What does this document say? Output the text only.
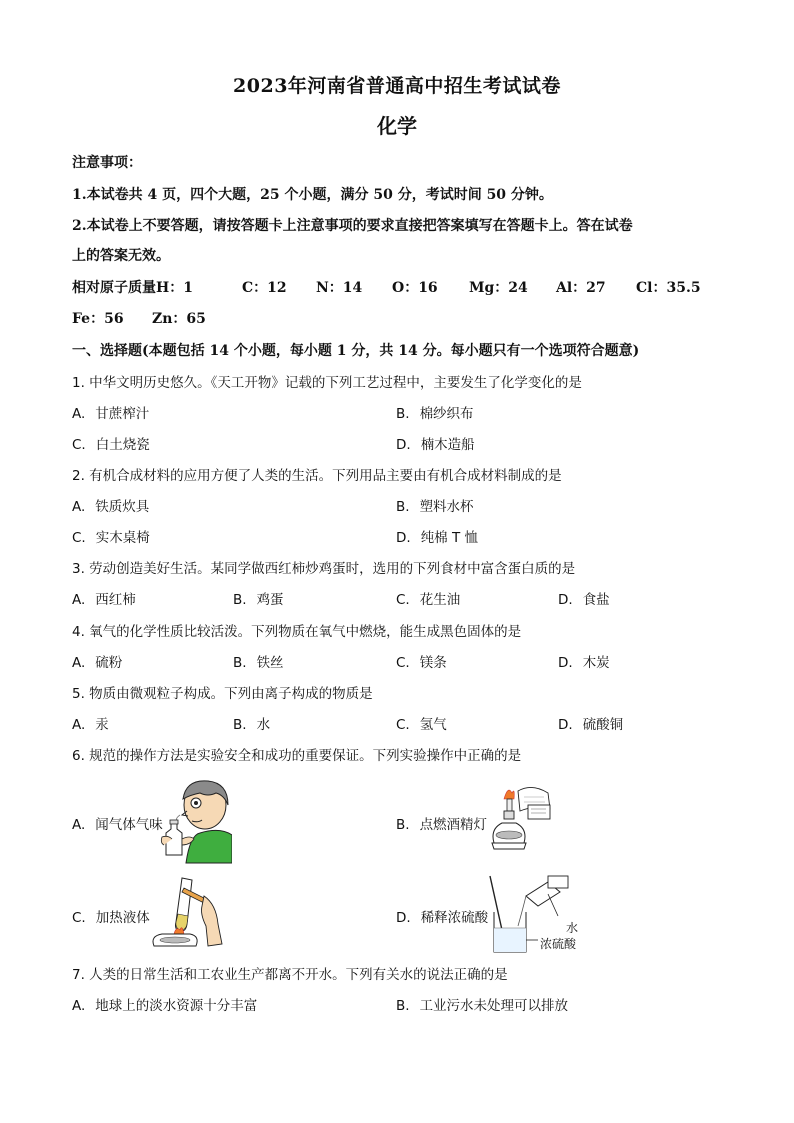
2023年河南省普通高中招生考试试卷
化学
注意事项：
1.本试卷共 4 页，四个大题，25 个小题，满分 50 分，考试时间 50 分钟。
2.本试卷上不要答题，请按答题卡上注意事项的要求直接把答案填写在答题卡上。答在试卷
上的答案无效。
相对原子质量H：1	C：12 N：14 O：16 Mg：24 Al：27 Cl：35.5
Fe：56 Zn：65
一、选择题(本题包括 14 个小题，每小题 1 分，共 14 分。每小题只有一个选项符合题意)
1. 中华文明历史悠久。《天工开物》记载的下列工艺过程中，主要发生了化学变化的是
A. 甘蔗榨汁	B. 棉纱织布
C. 白土烧瓷	D. 楠木造船
2. 有机合成材料的应用方便了人类的生活。下列用品主要由有机合成材料制成的是
A. 铁质炊具	B. 塑料水杯
C. 实木桌椅	D. 纯棉 T 恤
3. 劳动创造美好生活。某同学做西红柿炒鸡蛋时，选用的下列食材中富含蛋白质的是
A. 西红柿	B. 鸡蛋	C. 花生油	D. 食盐
4. 氧气的化学性质比较活泼。下列物质在氧气中燃烧，能生成黑色固体的是
A. 硫粉	B. 铁丝	C. 镁条	D. 木炭
5. 物质由微观粒子构成。下列由离子构成的物质是
A. 汞	B. 水	C. 氢气	D. 硫酸铜
6. 规范的操作方法是实验安全和成功的重要保证。下列实验操作中正确的是
A. 闻气体气味	B. 点燃酒精灯
C. 加热液体	D. 稀释浓硫酸
水
浓硫酸
7. 人类的日常生活和工农业生产都离不开水。下列有关水的说法正确的是
A. 地球上的淡水资源十分丰富	B. 工业污水未处理可以排放
